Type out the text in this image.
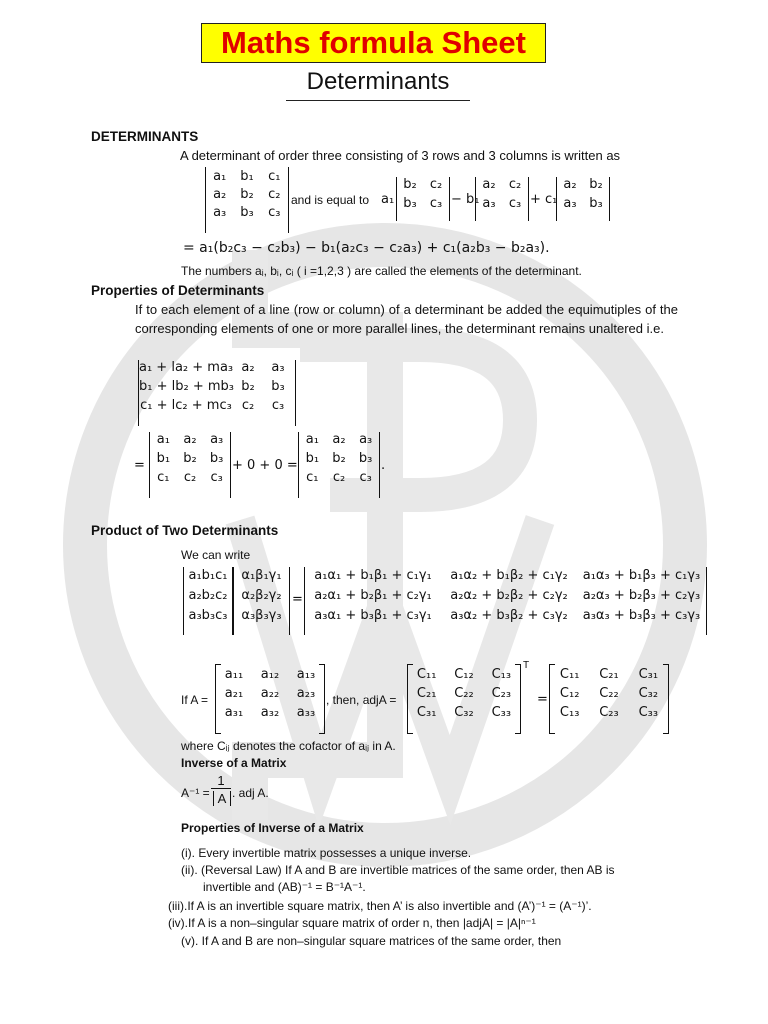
Maths formula Sheet
Determinants
DETERMINANTS
A determinant of order three consisting of 3 rows and 3 columns is written as
a₁	b₁	c₁
a₂	b₂	c₂
a₃	b₃	c₃
and is equal to a₁
b₂	c₂
b₃	c₃ − b₁
a₂	c₂
a₃	c₃ + c₁
a₂ b₂
a₃ b₃
= a₁(b₂c₃ − c₂b₃) − b₁(a₂c₃ − c₂a₃) + c₁(a₂b₃ − b₂a₃).
The numbers aᵢ, bᵢ, cᵢ ( i =1,2,3 ) are called the elements of the determinant.
Properties of Determinants
If to each element of a line (row or column) of a determinant be added the equimutiples of the corresponding elements of one or more parallel lines, the determinant remains unaltered i.e.
a₁ + la₂ + ma₃ a₂	a₃
b₁ + lb₂ + mb₃ b₂	b₃
c₁ + lc₂ + mc₃ c₂	c₃
=
a₁	a₂	a₃
b₁	b₂	b₃
c₁	c₂	c₃
+ 0 + 0 =
a₁	a₂	a₃
b₁	b₂	b₃
c₁	c₂	c₃
.
Product of Two Determinants
We can write
a₁b₁c₁
a₂b₂c₂
a₃b₃c₃
α₁β₁γ₁
α₂β₂γ₂
α₃β₃γ₃
=
a₁α₁ + b₁β₁ + c₁γ₁	a₁α₂ + b₁β₂ + c₁γ₂	a₁α₃ + b₁β₃ + c₁γ₃
a₂α₁ + b₂β₁ + c₂γ₁	a₂α₂ + b₂β₂ + c₂γ₂	a₂α₃ + b₂β₃ + c₂γ₃
a₃α₁ + b₃β₁ + c₃γ₁	a₃α₂ + b₃β₂ + c₃γ₂	a₃α₃ + b₃β₃ + c₃γ₃
If A =
a₁₁	a₁₂	a₁₃
a₂₁	a₂₂	a₂₃
a₃₁	a₃₂	a₃₃
, then, adjA =
C₁₁	C₁₂	C₁₃
C₂₁	C₂₂	C₂₃
C₃₁	C₃₂	C₃₃
T
=
C₁₁	C₂₁	C₃₁
C₁₂	C₂₂	C₃₂
C₁₃	C₂₃	C₃₃
where Cᵢⱼ denotes the cofactor of aᵢⱼ in A.
Inverse of a Matrix
A⁻¹ =
1
A . adj A.
Properties of Inverse of a Matrix
(i). Every invertible matrix possesses a unique inverse.
(ii). (Reversal Law) If A and B are invertible matrices of the same order, then AB is
invertible and (AB)⁻¹ = B⁻¹A⁻¹.
(iii).If A is an invertible square matrix, then A’ is also invertible and (A’)⁻¹ = (A⁻¹)’.
(iv).If A is a non–singular square matrix of order n, then |adjA| = |A|ⁿ⁻¹
(v). If A and B are non–singular square matrices of the same order, then
